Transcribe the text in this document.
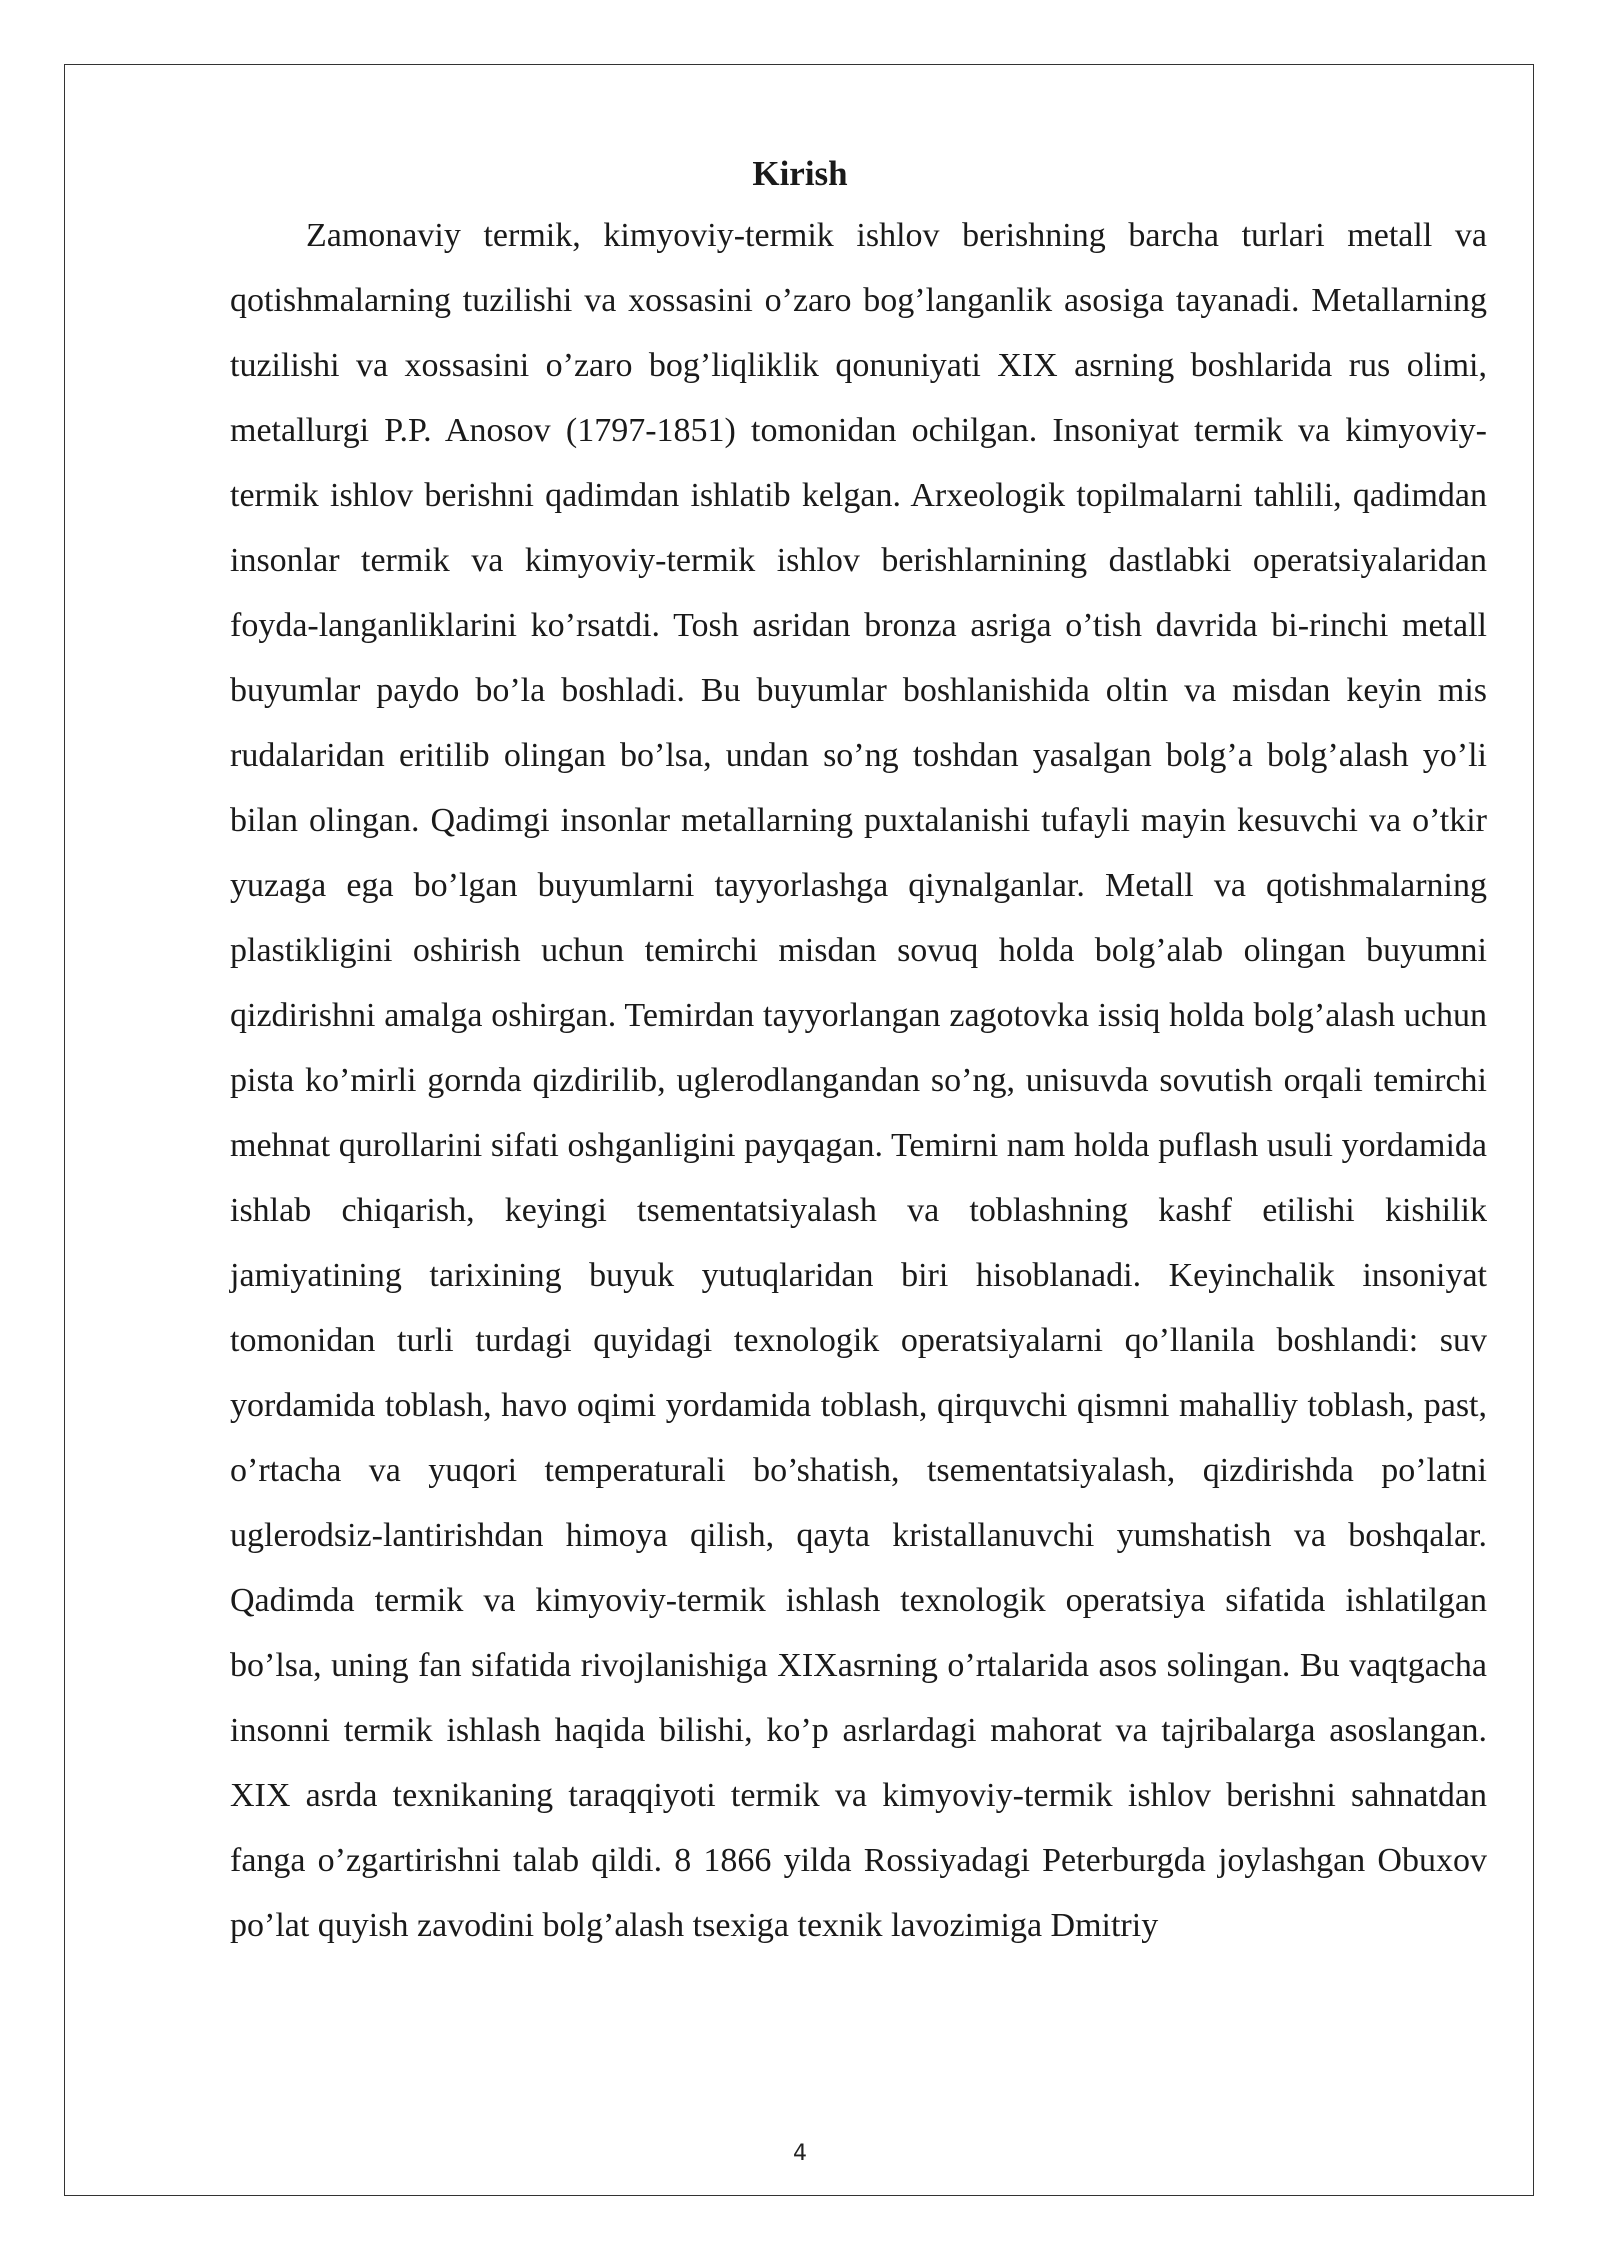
Kirish

Zamonaviy termik, kimyoviy-termik ishlov berishning barcha turlari metall va qotishmalarning tuzilishi va xossasini o’zaro bog’langanlik asosiga tayanadi. Metallarning tuzilishi va xossasini o’zaro bog’liqliklik qonuniyati XIX asrning boshlarida rus olimi, metallurgi P.P. Anosov (1797-1851) tomonidan ochilgan. Insoniyat termik va kimyoviy-termik ishlov berishni qadimdan ishlatib kelgan. Arxeologik topilmalarni tahlili, qadimdan insonlar termik va kimyoviy-termik ishlov berishlarnining dastlabki operatsiyalaridan foyda-langanliklarini ko’rsatdi. Tosh asridan bronza asriga o’tish davrida bi-rinchi metall buyumlar paydo bo’la boshladi. Bu buyumlar boshlanishida oltin va misdan keyin mis rudalaridan eritilib olingan bo’lsa, undan so’ng toshdan yasalgan bolg’a bolg’alash yo’li bilan olingan. Qadimgi insonlar metallarning puxtalanishi tufayli mayin kesuvchi va o’tkir yuzaga ega bo’lgan buyumlarni tayyorlashga qiynalganlar. Metall va qotishmalarning plastikligini oshirish uchun temirchi misdan sovuq holda bolg’alab olingan buyumni qizdirishni amalga oshirgan. Temirdan tayyorlangan zagotovka issiq holda bolg’alash uchun pista ko’mirli gornda qizdirilib, uglerodlangandan so’ng, unisuvda sovutish orqali temirchi mehnat qurollarini sifati oshganligini payqagan. Temirni nam holda puflash usuli yordamida ishlab chiqarish, keyingi tsementatsiyalash va toblashning kashf etilishi kishilik jamiyatining tarixining buyuk yutuqlaridan biri hisoblanadi. Keyinchalik insoniyat tomonidan turli turdagi quyidagi texnologik operatsiyalarni qo’llanila boshlandi: suv yordamida toblash, havo oqimi yordamida toblash, qirquvchi qismni mahalliy toblash, past, o’rtacha va yuqori temperaturali bo’shatish, tsementatsiyalash, qizdirishda po’latni uglerodsiz-lantirishdan himoya qilish, qayta kristallanuvchi yumshatish va boshqalar. Qadimda termik va kimyoviy-termik ishlash texnologik operatsiya sifatida ishlatilgan bo’lsa, uning fan sifatida rivojlanishiga XIXasrning o’rtalarida asos solingan. Bu vaqtgacha insonni termik ishlash haqida bilishi, ko’p asrlardagi mahorat va tajribalarga asoslangan. XIX asrda texnikaning taraqqiyoti termik va kimyoviy-termik ishlov berishni sahnatdan fanga o’zgartirishni talab qildi. 8 1866 yilda Rossiyadagi Peterburgda joylashgan Obuxov po’lat quyish zavodini bolg’alash tsexiga texnik lavozimiga Dmitriy

4
